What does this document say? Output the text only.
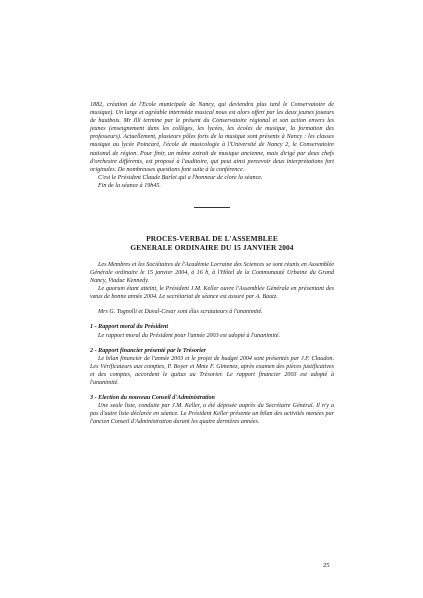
1882, création de l'Ecole municipale de Nancy, qui deviendra plus tard le Conservatoire de musique). Un large et agréable intermède musical nous est alors offert par les deux jeunes joueurs de hautbois. Mr Illi termine par le présent du Conservatoire régional et son action envers les jeunes (enseignement dans les collèges, les lycées, les écoles de musique, la formation des professeurs). Actuellement, plusieurs pôles forts de la musique sont présents à Nancy : les classes musique au lycée Poincaré, l'école de musicologie à l'Université de Nancy 2, le Conservatoire national de région. Pour finir, un même extrait de musique ancienne, mais dirigé par deux chefs d'orchestre différents, est proposé à l'auditoire, qui peut ainsi percevoir deux interprétations fort originales. De nombreuses questions font suite à la conférence.

C'est le Président Claude Burlet qui a l'honneur de clore la séance.

Fin de la séance à 19h45.

PROCES-VERBAL DE L'ASSEMBLEE
GENERALE ORDINAIRE DU 15 JANVIER 2004

Les Membres et les Sociétaires de l'Académie Lorraine des Sciences se sont réunis en Assemblée Générale ordinaire le 15 janvier 2004, à 16 h, à l'Hôtel de la Communauté Urbaine du Grand Nancy, Viaduc Kennedy.

Le quorum étant atteint, le Président J.M. Keller ouvre l'Assemblée Générale en présentant des vœux de bonne année 2004. Le secrétariat de séance est assuré par A. Bautz.

Mrs G. Tognolli et Duval-Cesar sont élus scrutateurs à l'unanimité.

1 - Rapport moral du Président

Le rapport moral du Président pour l'année 2003 est adopté à l'unanimité.

2 - Rapport financier présenté par le Trésorier

Le bilan financier de l'année 2003 et le projet de budget 2004 sont présentés par J.F. Claudon. Les Vérificateurs aux comptes, P. Boyer et Mme F. Gimenez, après examen des pièces justificatives et des comptes, accordent le quitus au Trésorier. Le rapport financier 2003 est adopté à l'unanimité.

3 - Election du nouveau Conseil d'Administration

Une seule liste, conduite par J.M. Keller, a été déposée auprès du Secrétaire Général. Il n'y a pas d'autre liste déclarée en séance. Le Président Keller présente un bilan des activités menées par l'ancien Conseil d'Administration durant les quatre dernières années.

25
